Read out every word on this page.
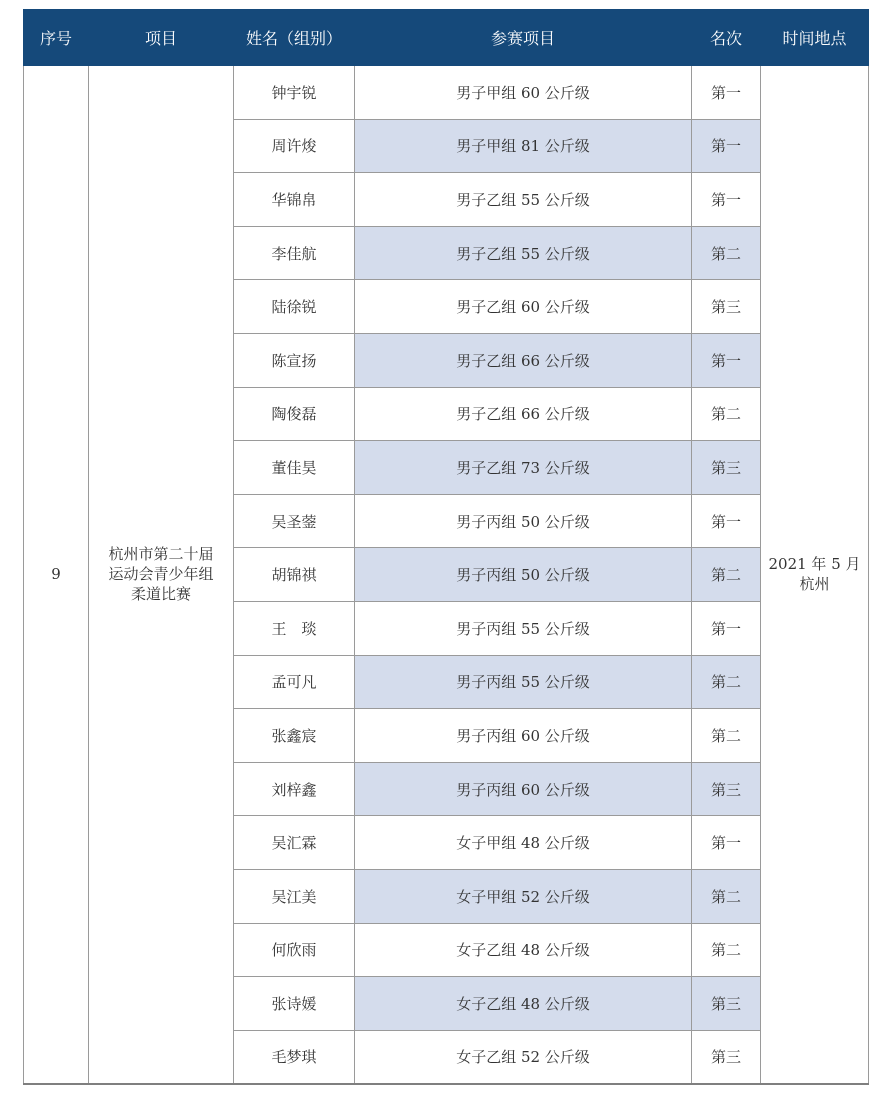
序号	项目	姓名（组别）	参赛项目	名次	时间地点
9	杭州市第二十届
运动会青少年组
柔道比赛	钟宇锐	男子甲组 60 公斤级	第一	2021 年 5 月
杭州

		周许焌	男子甲组 81 公斤级	第一	
		华锦帛	男子乙组 55 公斤级	第一	
		李佳航	男子乙组 55 公斤级	第二	
		陆徐锐	男子乙组 60 公斤级	第三	
		陈宣扬	男子乙组 66 公斤级	第一	
		陶俊磊	男子乙组 66 公斤级	第二	
		董佳昊	男子乙组 73 公斤级	第三	
		吴圣蓥	男子丙组 50 公斤级	第一	
		胡锦祺	男子丙组 50 公斤级	第二	
		王　琰	男子丙组 55 公斤级	第一	
		孟可凡	男子丙组 55 公斤级	第二	
		张鑫宸	男子丙组 60 公斤级	第二	
		刘梓鑫	男子丙组 60 公斤级	第三	
		吴汇霖	女子甲组 48 公斤级	第一	
		吴江美	女子甲组 52 公斤级	第二	
		何欣雨	女子乙组 48 公斤级	第二	
		张诗媛	女子乙组 48 公斤级	第三	
		毛梦琪	女子乙组 52 公斤级	第三	
